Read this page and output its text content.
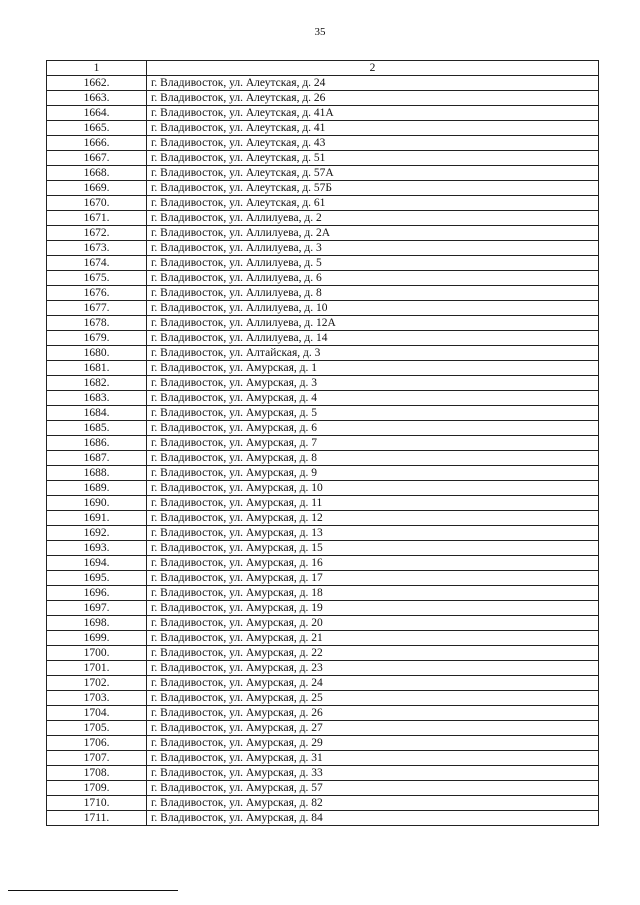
35
1	2
1662.	г. Владивосток, ул. Алеутская, д. 24
1663.	г. Владивосток, ул. Алеутская, д. 26
1664.	г. Владивосток, ул. Алеутская, д. 41А
1665.	г. Владивосток, ул. Алеутская, д. 41
1666.	г. Владивосток, ул. Алеутская, д. 43
1667.	г. Владивосток, ул. Алеутская, д. 51
1668.	г. Владивосток, ул. Алеутская, д. 57А
1669.	г. Владивосток, ул. Алеутская, д. 57Б
1670.	г. Владивосток, ул. Алеутская, д. 61
1671.	г. Владивосток, ул. Аллилуева, д. 2
1672.	г. Владивосток, ул. Аллилуева, д. 2А
1673.	г. Владивосток, ул. Аллилуева, д. 3
1674.	г. Владивосток, ул. Аллилуева, д. 5
1675.	г. Владивосток, ул. Аллилуева, д. 6
1676.	г. Владивосток, ул. Аллилуева, д. 8
1677.	г. Владивосток, ул. Аллилуева, д. 10
1678.	г. Владивосток, ул. Аллилуева, д. 12А
1679.	г. Владивосток, ул. Аллилуева, д. 14
1680.	г. Владивосток, ул. Алтайская, д. 3
1681.	г. Владивосток, ул. Амурская, д. 1
1682.	г. Владивосток, ул. Амурская, д. 3
1683.	г. Владивосток, ул. Амурская, д. 4
1684.	г. Владивосток, ул. Амурская, д. 5
1685.	г. Владивосток, ул. Амурская, д. 6
1686.	г. Владивосток, ул. Амурская, д. 7
1687.	г. Владивосток, ул. Амурская, д. 8
1688.	г. Владивосток, ул. Амурская, д. 9
1689.	г. Владивосток, ул. Амурская, д. 10
1690.	г. Владивосток, ул. Амурская, д. 11
1691.	г. Владивосток, ул. Амурская, д. 12
1692.	г. Владивосток, ул. Амурская, д. 13
1693.	г. Владивосток, ул. Амурская, д. 15
1694.	г. Владивосток, ул. Амурская, д. 16
1695.	г. Владивосток, ул. Амурская, д. 17
1696.	г. Владивосток, ул. Амурская, д. 18
1697.	г. Владивосток, ул. Амурская, д. 19
1698.	г. Владивосток, ул. Амурская, д. 20
1699.	г. Владивосток, ул. Амурская, д. 21
1700.	г. Владивосток, ул. Амурская, д. 22
1701.	г. Владивосток, ул. Амурская, д. 23
1702.	г. Владивосток, ул. Амурская, д. 24
1703.	г. Владивосток, ул. Амурская, д. 25
1704.	г. Владивосток, ул. Амурская, д. 26
1705.	г. Владивосток, ул. Амурская, д. 27
1706.	г. Владивосток, ул. Амурская, д. 29
1707.	г. Владивосток, ул. Амурская, д. 31
1708.	г. Владивосток, ул. Амурская, д. 33
1709.	г. Владивосток, ул. Амурская, д. 57
1710.	г. Владивосток, ул. Амурская, д. 82
1711.	г. Владивосток, ул. Амурская, д. 84
